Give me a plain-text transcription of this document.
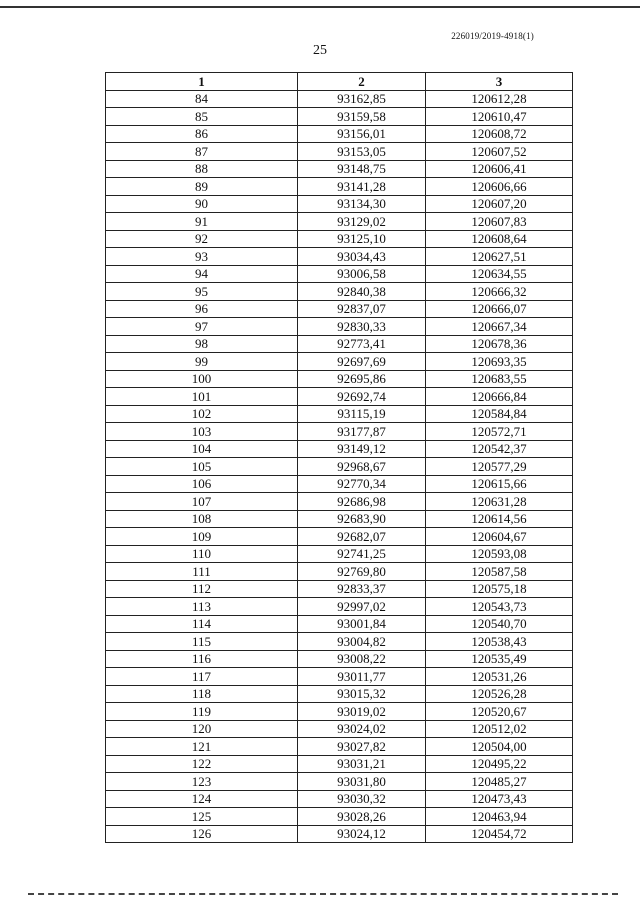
226019/2019-4918(1)
25
1	2	3
84	93162,85	120612,28
85	93159,58	120610,47
86	93156,01	120608,72
87	93153,05	120607,52
88	93148,75	120606,41
89	93141,28	120606,66
90	93134,30	120607,20
91	93129,02	120607,83
92	93125,10	120608,64
93	93034,43	120627,51
94	93006,58	120634,55
95	92840,38	120666,32
96	92837,07	120666,07
97	92830,33	120667,34
98	92773,41	120678,36
99	92697,69	120693,35
100	92695,86	120683,55
101	92692,74	120666,84
102	93115,19	120584,84
103	93177,87	120572,71
104	93149,12	120542,37
105	92968,67	120577,29
106	92770,34	120615,66
107	92686,98	120631,28
108	92683,90	120614,56
109	92682,07	120604,67
110	92741,25	120593,08
111	92769,80	120587,58
112	92833,37	120575,18
113	92997,02	120543,73
114	93001,84	120540,70
115	93004,82	120538,43
116	93008,22	120535,49
117	93011,77	120531,26
118	93015,32	120526,28
119	93019,02	120520,67
120	93024,02	120512,02
121	93027,82	120504,00
122	93031,21	120495,22
123	93031,80	120485,27
124	93030,32	120473,43
125	93028,26	120463,94
126	93024,12	120454,72
